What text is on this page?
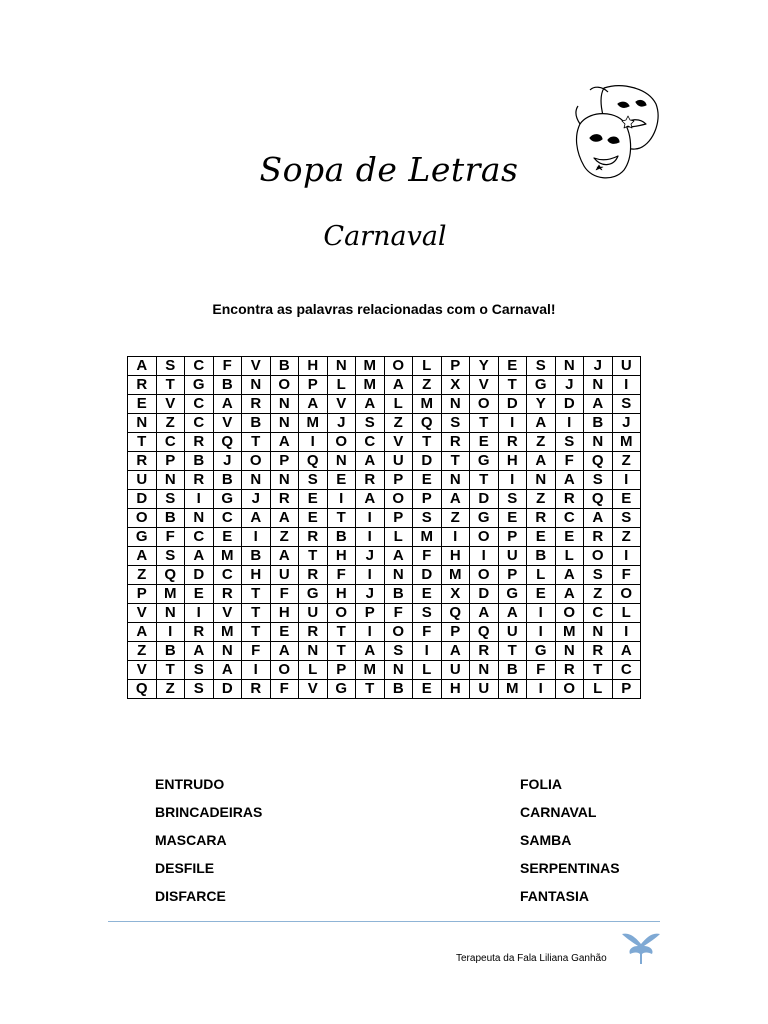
Sopa de Letras
Carnaval

Encontra as palavras relacionadas com o Carnaval!

A	S	C	F	V	B	H	N	M	O	L	P	Y	E	S	N	J	U
R	T	G	B	N	O	P	L	M	A	Z	X	V	T	G	J	N	I
E	V	C	A	R	N	A	V	A	L	M	N	O	D	Y	D	A	S
N	Z	C	V	B	N	M	J	S	Z	Q	S	T	I	A	I	B	J
T	C	R	Q	T	A	I	O	C	V	T	R	E	R	Z	S	N	M
R	P	B	J	O	P	Q	N	A	U	D	T	G	H	A	F	Q	Z
U	N	R	B	N	N	S	E	R	P	E	N	T	I	N	A	S	I
D	S	I	G	J	R	E	I	A	O	P	A	D	S	Z	R	Q	E
O	B	N	C	A	A	E	T	I	P	S	Z	G	E	R	C	A	S
G	F	C	E	I	Z	R	B	I	L	M	I	O	P	E	E	R	Z
A	S	A	M	B	A	T	H	J	A	F	H	I	U	B	L	O	I
Z	Q	D	C	H	U	R	F	I	N	D	M	O	P	L	A	S	F
P	M	E	R	T	F	G	H	J	B	E	X	D	G	E	A	Z	O
V	N	I	V	T	H	U	O	P	F	S	Q	A	A	I	O	C	L
A	I	R	M	T	E	R	T	I	O	F	P	Q	U	I	M	N	I
Z	B	A	N	F	A	N	T	A	S	I	A	R	T	G	N	R	A
V	T	S	A	I	O	L	P	M	N	L	U	N	B	F	R	T	C
Q	Z	S	D	R	F	V	G	T	B	E	H	U	M	I	O	L	P
ENTRUDO
BRINCADEIRAS
MASCARA
DESFILE
DISFARCE
FOLIA
CARNAVAL
SAMBA
SERPENTINAS
FANTASIA
Terapeuta da Fala Liliana Ganhão
